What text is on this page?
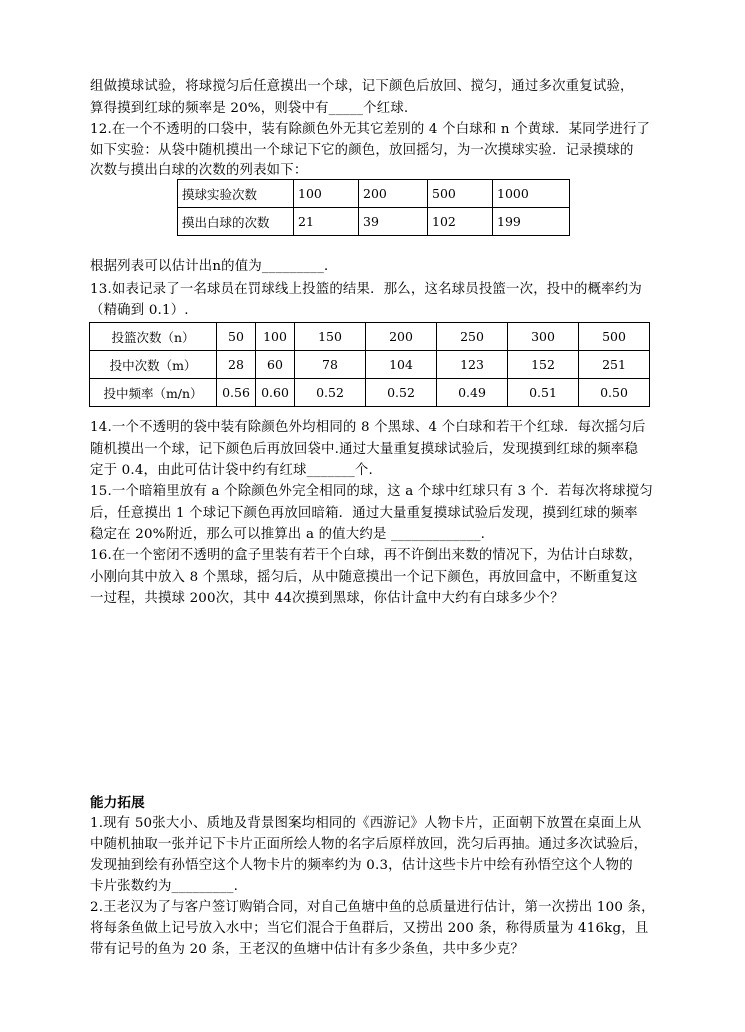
组做摸球试验，将球搅匀后任意摸出一个球，记下颜色后放回、搅匀，通过多次重复试验，
算得摸到红球的频率是 20%，则袋中有_____个红球.
12.在一个不透明的口袋中，装有除颜色外无其它差别的 4 个白球和 n 个黄球．某同学进行了
如下实验：从袋中随机摸出一个球记下它的颜色，放回摇匀，为一次摸球实验．记录摸球的
次数与摸出白球的次数的列表如下：
摸球实验次数	100	200	500	1000
摸出白球的次数	21	39	102	199
根据列表可以估计出n的值为_________．
13.如表记录了一名球员在罚球线上投篮的结果．那么，这名球员投篮一次，投中的概率约为
（精确到 0.1）.
投篮次数（n）	50	100	150	200	250	300	500
投中次数（m）	28	60	78	104	123	152	251
投中频率（m/n）	0.56	0.60	0.52	0.52	0.49	0.51	0.50
14.一个不透明的袋中装有除颜色外均相同的 8 个黑球、4 个白球和若干个红球．每次摇匀后
随机摸出一个球，记下颜色后再放回袋中.通过大量重复摸球试验后，发现摸到红球的频率稳
定于 0.4，由此可估计袋中约有红球_______个.
15.一个暗箱里放有 a 个除颜色外完全相同的球，这 a 个球中红球只有 3 个．若每次将球搅匀
后，任意摸出 1 个球记下颜色再放回暗箱．通过大量重复摸球试验后发现，摸到红球的频率
稳定在 20%附近，那么可以推算出 a 的值大约是 _____________.
16.在一个密闭不透明的盒子里装有若干个白球，再不许倒出来数的情况下，为估计白球数，
小刚向其中放入 8 个黑球，摇匀后，从中随意摸出一个记下颜色，再放回盒中，不断重复这
一过程，共摸球 200次，其中 44次摸到黑球，你估计盒中大约有白球多少个？
能力拓展
1.现有 50张大小、质地及背景图案均相同的《西游记》人物卡片，正面朝下放置在桌面上从
中随机抽取一张并记下卡片正面所绘人物的名字后原样放回，洗匀后再抽。通过多次试验后，
发现抽到绘有孙悟空这个人物卡片的频率约为 0.3，估计这些卡片中绘有孙悟空这个人物的
卡片张数约为_________.
2.王老汉为了与客户签订购销合同，对自己鱼塘中鱼的总质量进行估计，第一次捞出 100 条，
将每条鱼做上记号放入水中；当它们混合于鱼群后，又捞出 200 条，称得质量为 416kg，且
带有记号的鱼为 20 条，王老汉的鱼塘中估计有多少条鱼，共中多少克？
